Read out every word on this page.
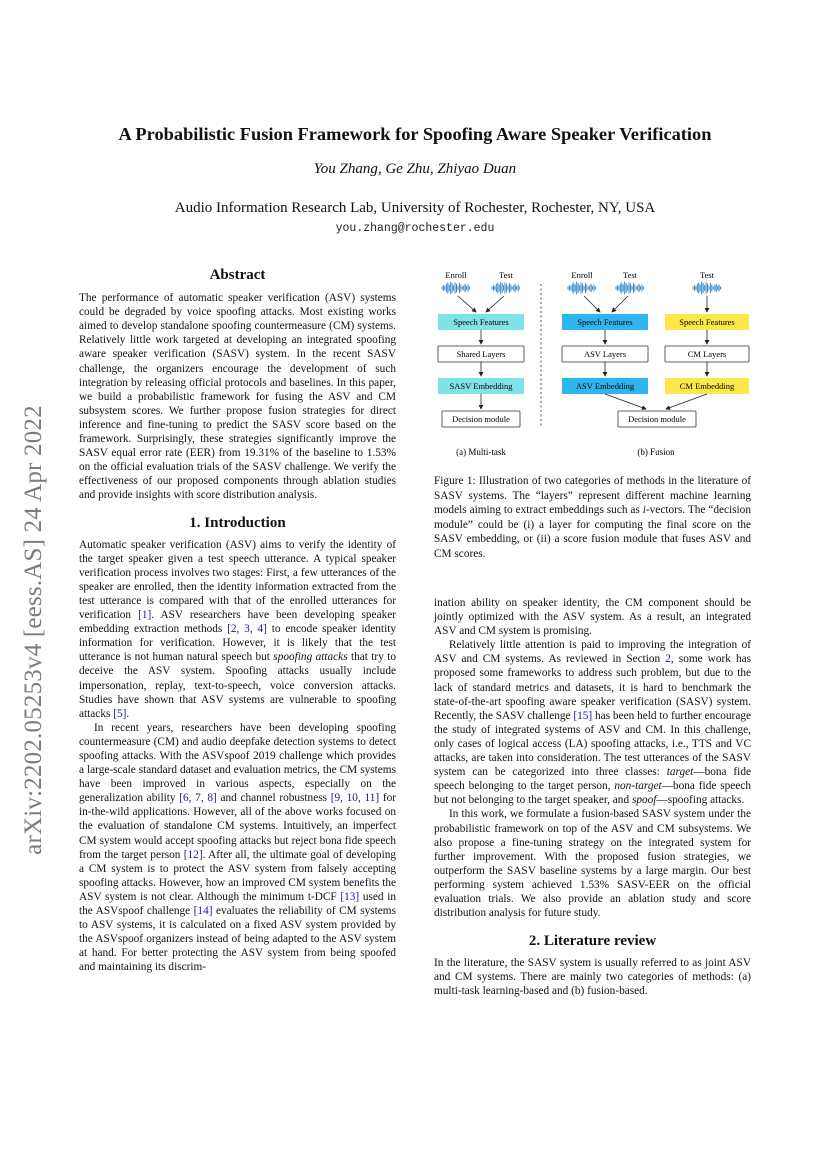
arXiv:2202.05253v4 [eess.AS] 24 Apr 2022
A Probabilistic Fusion Framework for Spoofing Aware Speaker Verification
You Zhang, Ge Zhu, Zhiyao Duan
Audio Information Research Lab, University of Rochester, Rochester, NY, USA
you.zhang@rochester.edu
Abstract

The performance of automatic speaker verification (ASV) systems could be degraded by voice spoofing attacks. Most existing works aimed to develop standalone spoofing countermeasure (CM) systems. Relatively little work targeted at developing an integrated spoofing aware speaker verification (SASV) system. In the recent SASV challenge, the organizers encourage the development of such integration by releasing official protocols and baselines. In this paper, we build a probabilistic framework for fusing the ASV and CM subsystem scores. We further propose fusion strategies for direct inference and fine-tuning to predict the SASV score based on the framework. Surprisingly, these strategies significantly improve the SASV equal error rate (EER) from 19.31% of the baseline to 1.53% on the official evaluation trials of the SASV challenge. We verify the effectiveness of our proposed components through ablation studies and provide insights with score distribution analysis.

1. Introduction

Automatic speaker verification (ASV) aims to verify the identity of the target speaker given a test speech utterance. A typical speaker verification process involves two stages: First, a few utterances of the speaker are enrolled, then the identity information extracted from the test utterance is compared with that of the enrolled utterances for verification [1]. ASV researchers have been developing speaker embedding extraction methods [2, 3, 4] to encode speaker identity information for verification. However, it is likely that the test utterance is not human natural speech but spoofing attacks that try to deceive the ASV system. Spoofing attacks usually include impersonation, replay, text-to-speech, voice conversion attacks. Studies have shown that ASV systems are vulnerable to spoofing attacks [5].

In recent years, researchers have been developing spoofing countermeasure (CM) and audio deepfake detection systems to detect spoofing attacks. With the ASVspoof 2019 challenge which provides a large-scale standard dataset and evaluation metrics, the CM systems have been improved in various aspects, especially on the generalization ability [6, 7, 8] and channel robustness [9, 10, 11] for in-the-wild applications. However, all of the above works focused on the evaluation of standalone CM systems. Intuitively, an imperfect CM system would accept spoofing attacks but reject bona fide speech from the target person [12]. After all, the ultimate goal of developing a CM system is to protect the ASV system from falsely accepting spoofing attacks. However, how an improved CM system benefits the ASV system is not clear. Although the minimum t-DCF [13] used in the ASVspoof challenge [14] evaluates the reliability of CM systems to ASV systems, it is calculated on a fixed ASV system provided by the ASVspoof organizers instead of being adapted to the ASV system at hand. For better protecting the ASV system from being spoofed and maintaining its discrim-

Enroll	Test
Speech Features
Shared Layers
SASV Embedding
Decision module
(a) Multi-task
Enroll	Test	Test
Speech Features
ASV Layers
ASV Embedding
Speech Features
CM Layers
CM Embedding
Decision module
(b) Fusion
Figure 1: Illustration of two categories of methods in the literature of SASV systems. The “layers” represent different machine learning models aiming to extract embeddings such as i-vectors. The “decision module” could be (i) a layer for computing the final score on the SASV embedding, or (ii) a score fusion module that fuses ASV and CM scores.

ination ability on speaker identity, the CM component should be jointly optimized with the ASV system. As a result, an integrated ASV and CM system is promising.

Relatively little attention is paid to improving the integration of ASV and CM systems. As reviewed in Section 2, some work has proposed some frameworks to address such problem, but due to the lack of standard metrics and datasets, it is hard to benchmark the state-of-the-art spoofing aware speaker verification (SASV) system. Recently, the SASV challenge [15] has been held to further encourage the study of integrated systems of ASV and CM. In this challenge, only cases of logical access (LA) spoofing attacks, i.e., TTS and VC attacks, are taken into consideration. The test utterances of the SASV system can be categorized into three classes: target—bona fide speech belonging to the target person, non-target—bona fide speech but not belonging to the target speaker, and spoof—spoofing attacks.

In this work, we formulate a fusion-based SASV system under the probabilistic framework on top of the ASV and CM subsystems. We also propose a fine-tuning strategy on the integrated system for further improvement. With the proposed fusion strategies, we outperform the SASV baseline systems by a large margin. Our best performing system achieved 1.53% SASV-EER on the official evaluation trials. We also provide an ablation study and score distribution analysis for future study.

2. Literature review

In the literature, the SASV system is usually referred to as joint ASV and CM systems. There are mainly two categories of methods: (a) multi-task learning-based and (b) fusion-based.
